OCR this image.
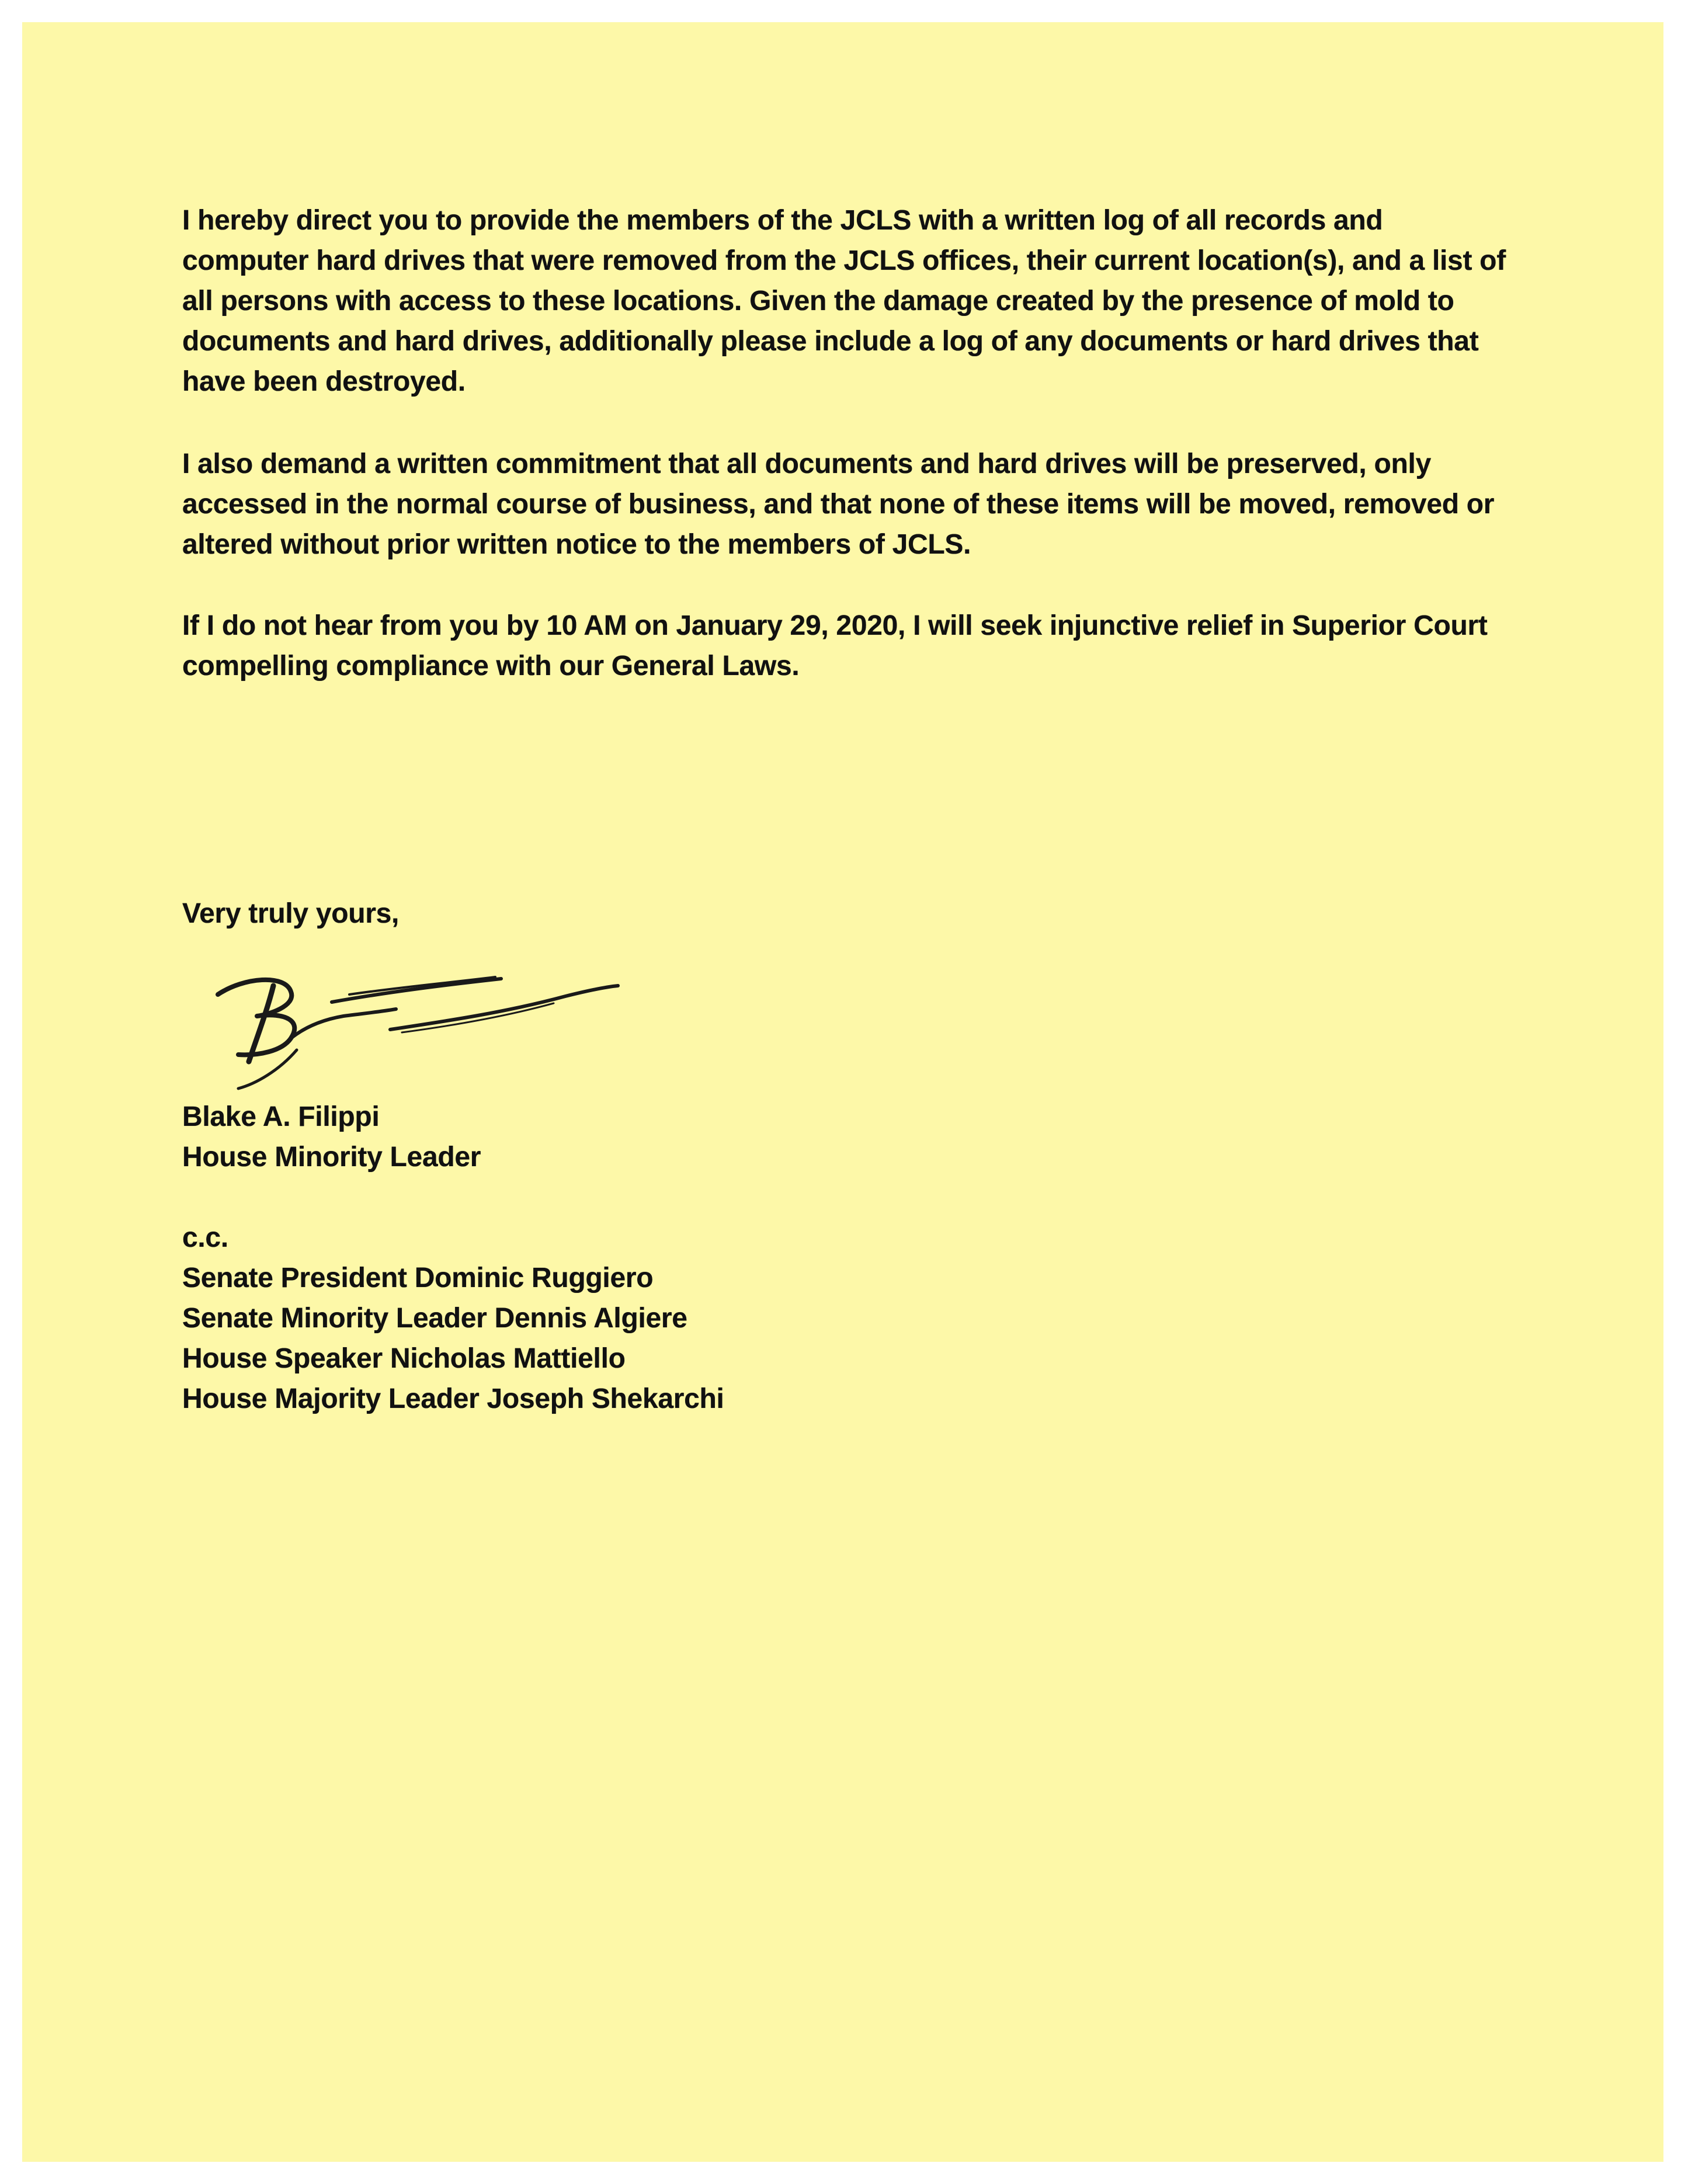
I hereby direct you to provide the members of the JCLS with a written log of all records and computer hard drives that were removed from the JCLS offices, their current location(s), and a list of all persons with access to these locations. Given the damage created by the presence of mold to documents and hard drives, additionally please include a log of any documents or hard drives that have been destroyed.

I also demand a written commitment that all documents and hard drives will be preserved, only accessed in the normal course of business, and that none of these items will be moved, removed or altered without prior written notice to the members of JCLS.

If I do not hear from you by 10 AM on January 29, 2020, I will seek injunctive relief in Superior Court compelling compliance with our General Laws.

Very truly yours,
Blake A. Filippi
House Minority Leader
c.c.
Senate President Dominic Ruggiero
Senate Minority Leader Dennis Algiere
House Speaker Nicholas Mattiello
House Majority Leader Joseph Shekarchi
